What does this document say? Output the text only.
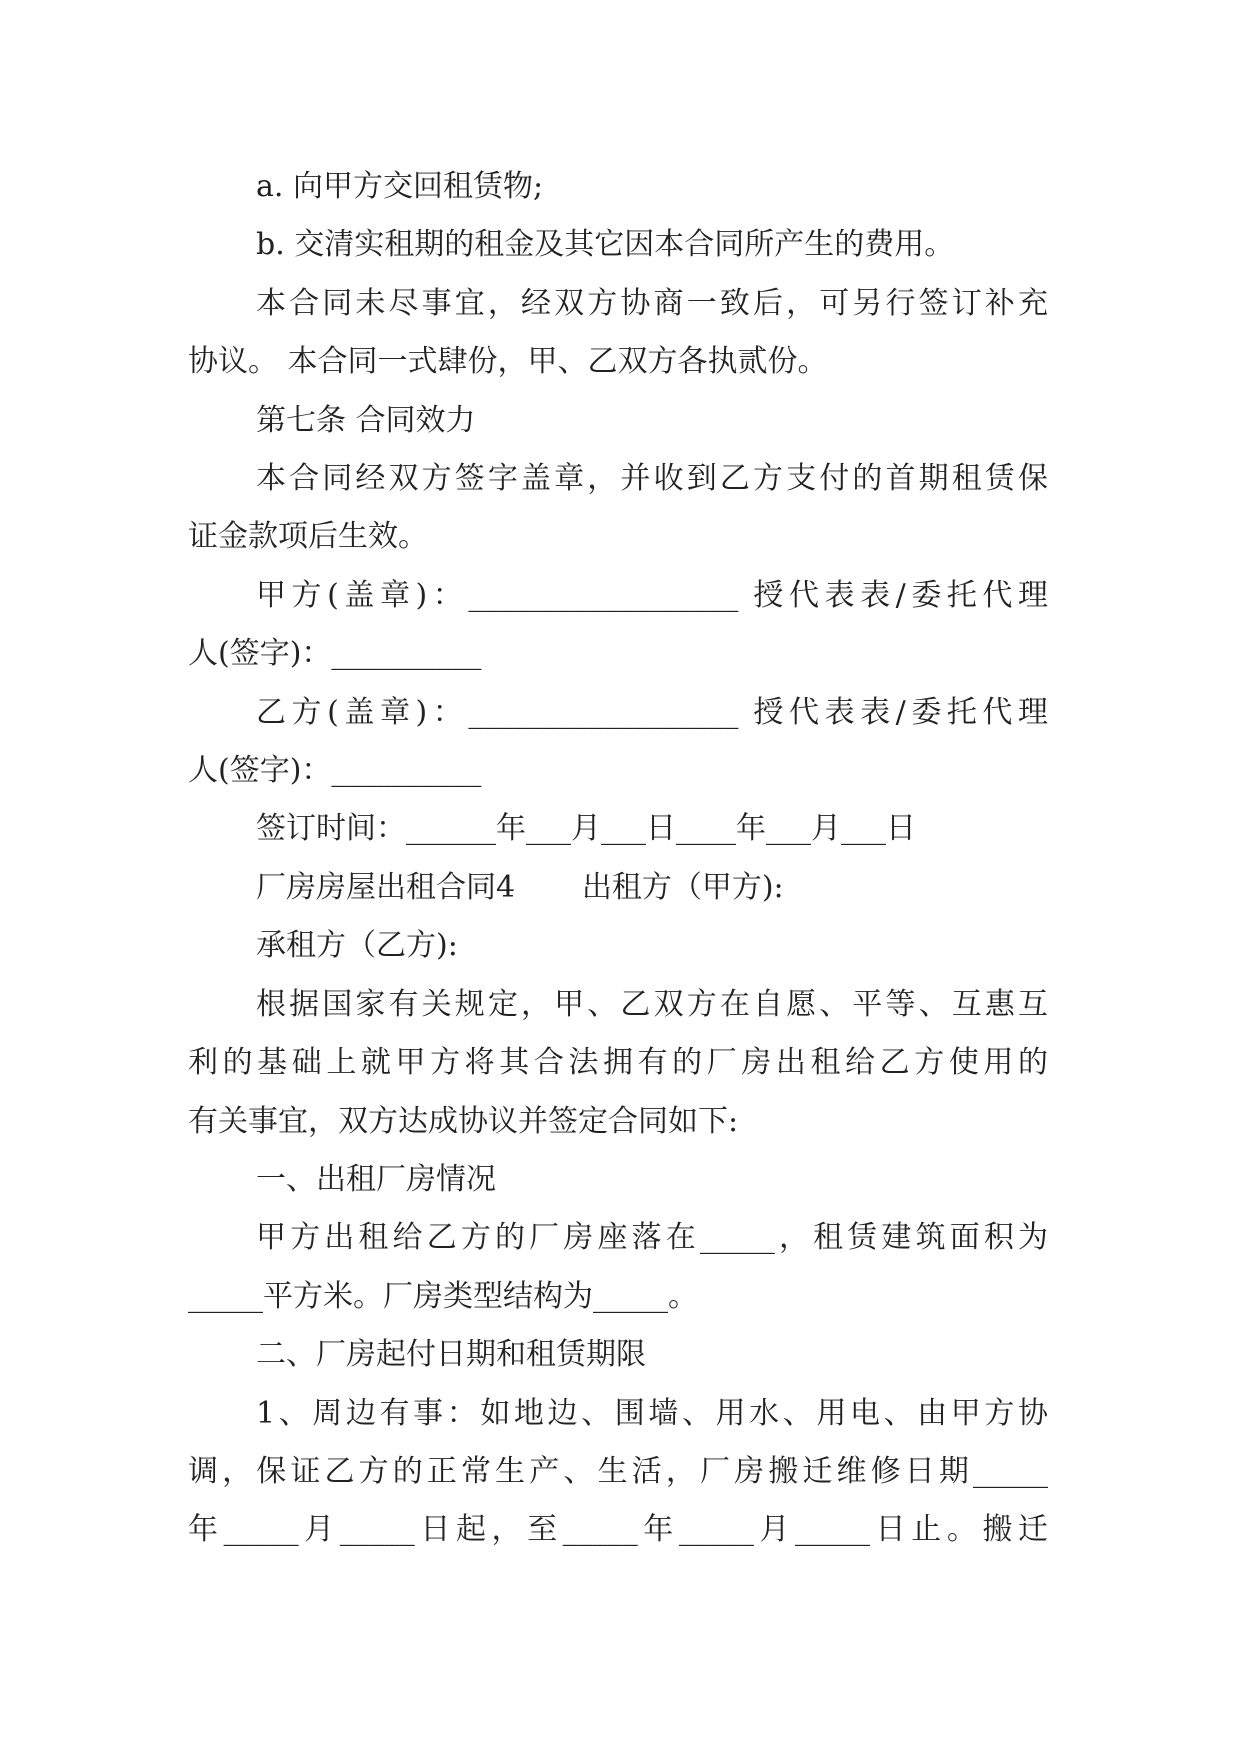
a. 向甲方交回租赁物;

b. 交清实租期的租金及其它因本合同所产生的费用。

本合同未尽事宜，经双方协商一致后，可另行签订补充

协议。 本合同一式肆份，甲、乙双方各执贰份。

第七条 合同效力

本合同经双方签字盖章，并收到乙方支付的首期租赁保

证金款项后生效。

甲方(盖章)：__________________ 授代表表/委托代理

人(签字)：__________

乙方(盖章)：__________________ 授代表表/委托代理

人(签字)：__________

签订时间：______年___月___日____年___月___日

厂房房屋出租合同4       出租方（甲方):

承租方（乙方):

根据国家有关规定，甲、乙双方在自愿、平等、互惠互

利的基础上就甲方将其合法拥有的厂房出租给乙方使用的

有关事宜，双方达成协议并签定合同如下:

一、出租厂房情况

甲方出租给乙方的厂房座落在_____，租赁建筑面积为

_____平方米。厂房类型结构为_____。

二、厂房起付日期和租赁期限

1、周边有事：如地边、围墙、用水、用电、由甲方协

调，保证乙方的正常生产、生活，厂房搬迁维修日期_____

年_____月_____日起，至_____年_____月_____日止。搬迁
